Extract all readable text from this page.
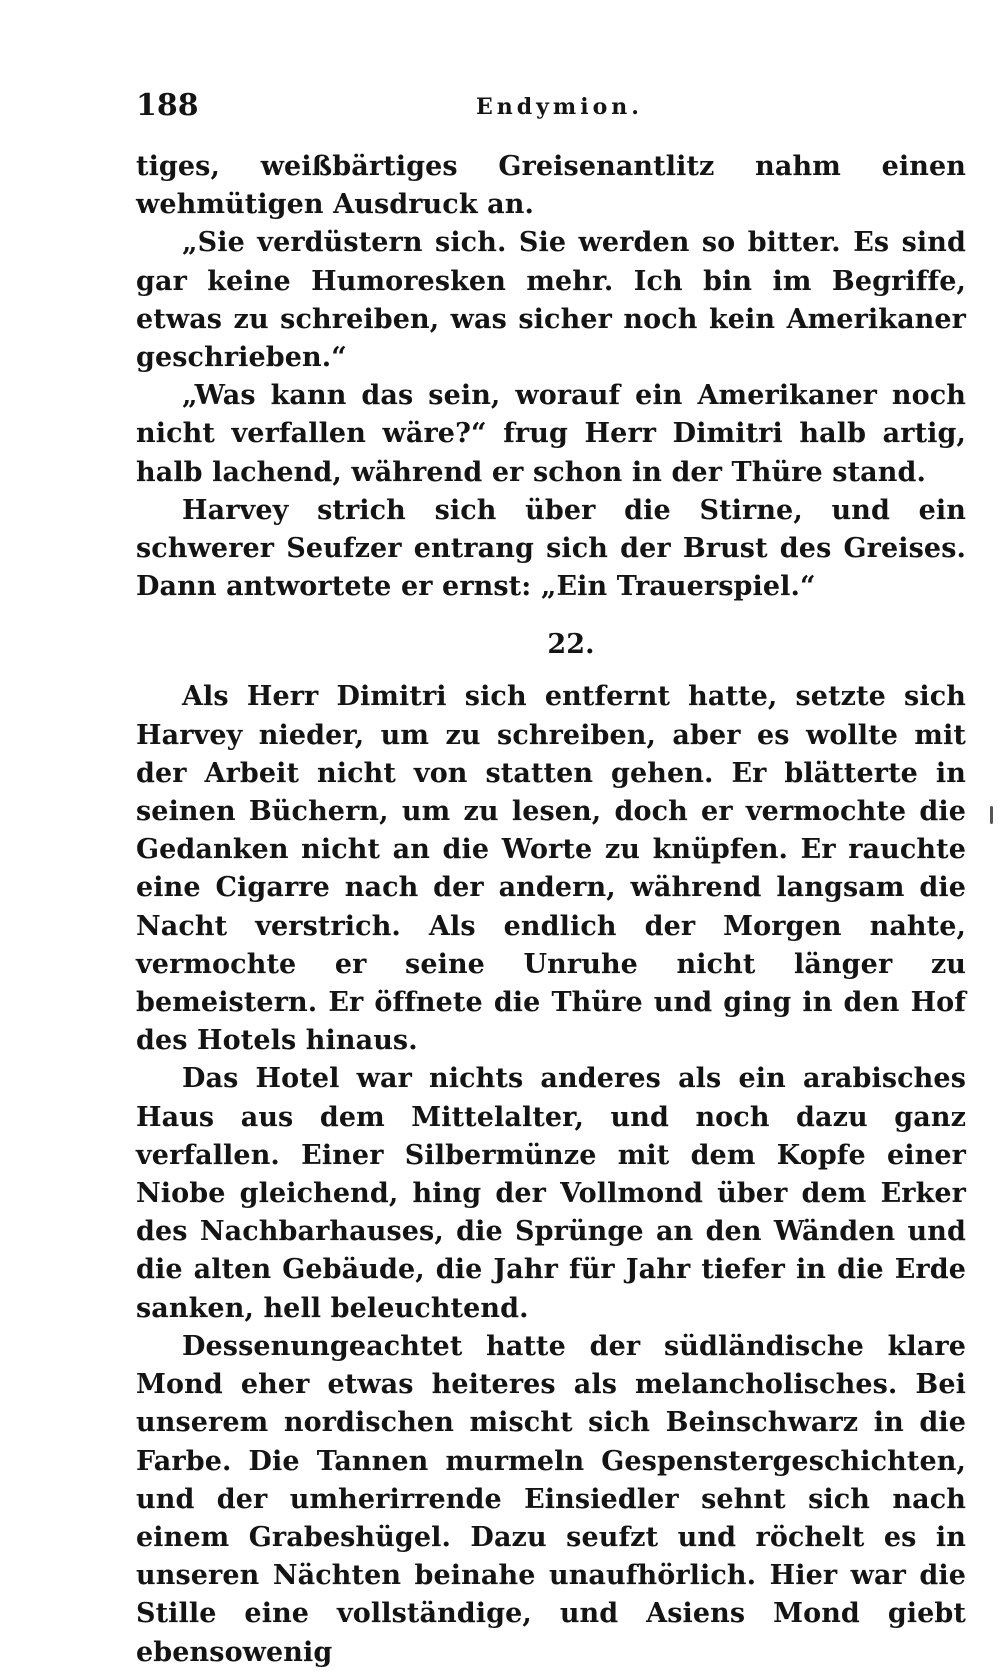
188	Endymion.

tiges, weißbärtiges Greisenantlitz nahm einen wehmütigen Ausdruck an.

„Sie verdüstern sich. Sie werden so bitter. Es sind gar keine Humoresken mehr. Ich bin im Begriffe, etwas zu schreiben, was sicher noch kein Amerikaner geschrieben.“

„Was kann das sein, worauf ein Amerikaner noch nicht verfallen wäre?“ frug Herr Dimitri halb artig, halb lachend, während er schon in der Thüre stand.

Harvey strich sich über die Stirne, und ein schwerer Seufzer entrang sich der Brust des Greises. Dann antwortete er ernst: „Ein Trauerspiel.“

22.

Als Herr Dimitri sich entfernt hatte, setzte sich Harvey nieder, um zu schreiben, aber es wollte mit der Arbeit nicht von statten gehen. Er blätterte in seinen Büchern, um zu lesen, doch er vermochte die Gedanken nicht an die Worte zu knüpfen. Er rauchte eine Cigarre nach der andern, während langsam die Nacht verstrich. Als endlich der Morgen nahte, vermochte er seine Unruhe nicht länger zu bemeistern. Er öffnete die Thüre und ging in den Hof des Hotels hinaus.

Das Hotel war nichts anderes als ein arabisches Haus aus dem Mittelalter, und noch dazu ganz verfallen. Einer Silbermünze mit dem Kopfe einer Niobe gleichend, hing der Vollmond über dem Erker des Nachbarhauses, die Sprünge an den Wänden und die alten Gebäude, die Jahr für Jahr tiefer in die Erde sanken, hell beleuchtend.

Dessenungeachtet hatte der südländische klare Mond eher etwas heiteres als melancholisches. Bei unserem nordischen mischt sich Beinschwarz in die Farbe. Die Tannen murmeln Gespenstergeschichten, und der umherirrende Einsiedler sehnt sich nach einem Grabeshügel. Dazu seufzt und röchelt es in unseren Nächten beinahe unaufhörlich. Hier war die Stille eine vollständige, und Asiens Mond giebt ebensowenig
